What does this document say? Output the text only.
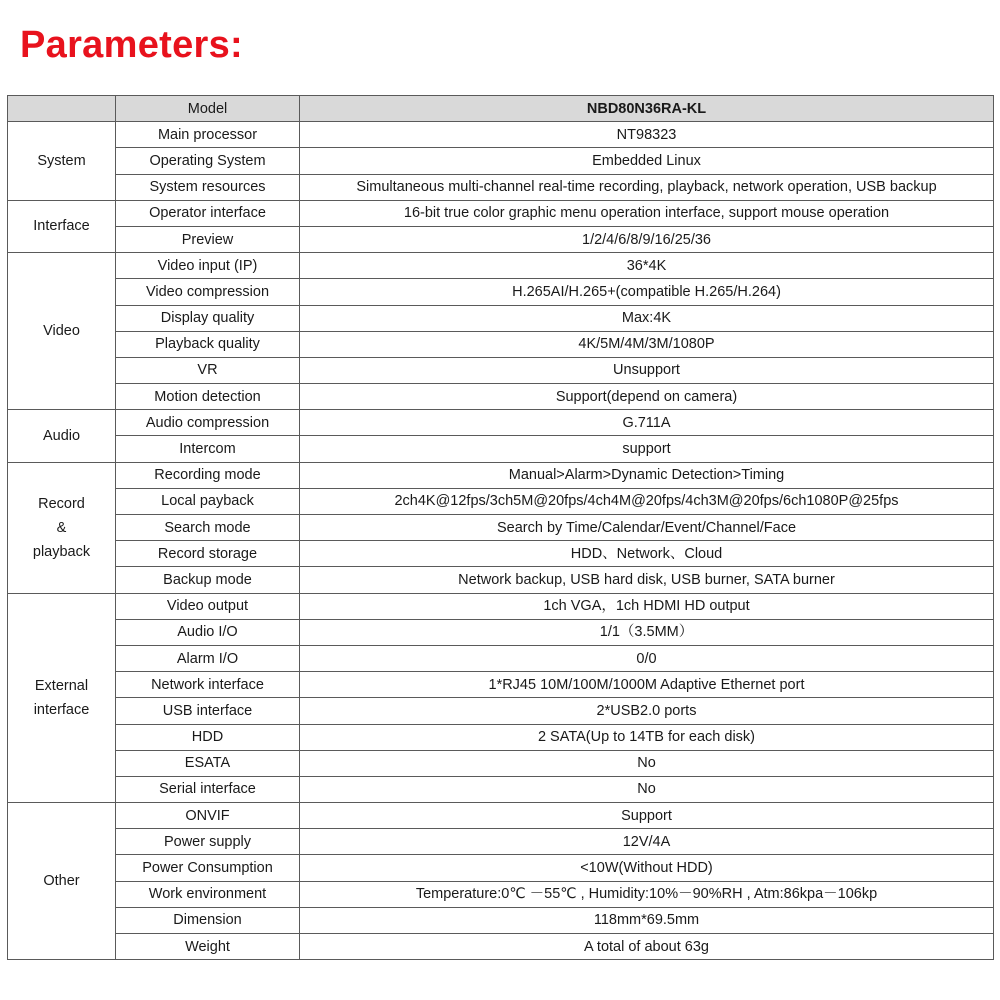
Parameters:
	Model	NBD80N36RA-KL

System	Main processor	NT98323
	Operating System	Embedded Linux
	System resources	Simultaneous multi-channel real-time recording, playback, network operation, USB backup

Interface	Operator interface	16-bit true color graphic menu operation interface, support mouse operation
	Preview	1/2/4/6/8/9/16/25/36

Video	Video input (IP)	36*4K
	Video compression	H.265AI/H.265+(compatible H.265/H.264)
	Display quality	Max:4K
	Playback quality	4K/5M/4M/3M/1080P
	VR	Unsupport
	Motion detection	Support(depend on camera)

Audio	Audio compression	G.711A
	Intercom	support

Record
&
playback	Recording mode	Manual>Alarm>Dynamic Detection>Timing
	Local payback	2ch4K@12fps/3ch5M@20fps/4ch4M@20fps/4ch3M@20fps/6ch1080P@25fps
	Search mode	Search by Time/Calendar/Event/Channel/Face
	Record storage	HDD、Network、Cloud
	Backup mode	Network backup, USB hard disk, USB burner, SATA burner

External
interface	Video output	1ch VGA，1ch HDMI HD output
	Audio I/O	1/1（3.5MM）
	Alarm I/O	0/0
	Network interface	1*RJ45 10M/100M/1000M Adaptive Ethernet port
	USB interface	2*USB2.0 ports
	HDD	2 SATA(Up to 14TB for each disk)
	ESATA	No
	Serial interface	No

Other	ONVIF	Support
	Power supply	12V/4A
	Power Consumption	<10W(Without HDD)
	Work environment	Temperature:0℃ －55℃ , Humidity:10%－90%RH , Atm:86kpa－106kp
	Dimension	118mm*69.5mm
	Weight	A total of about 63g
